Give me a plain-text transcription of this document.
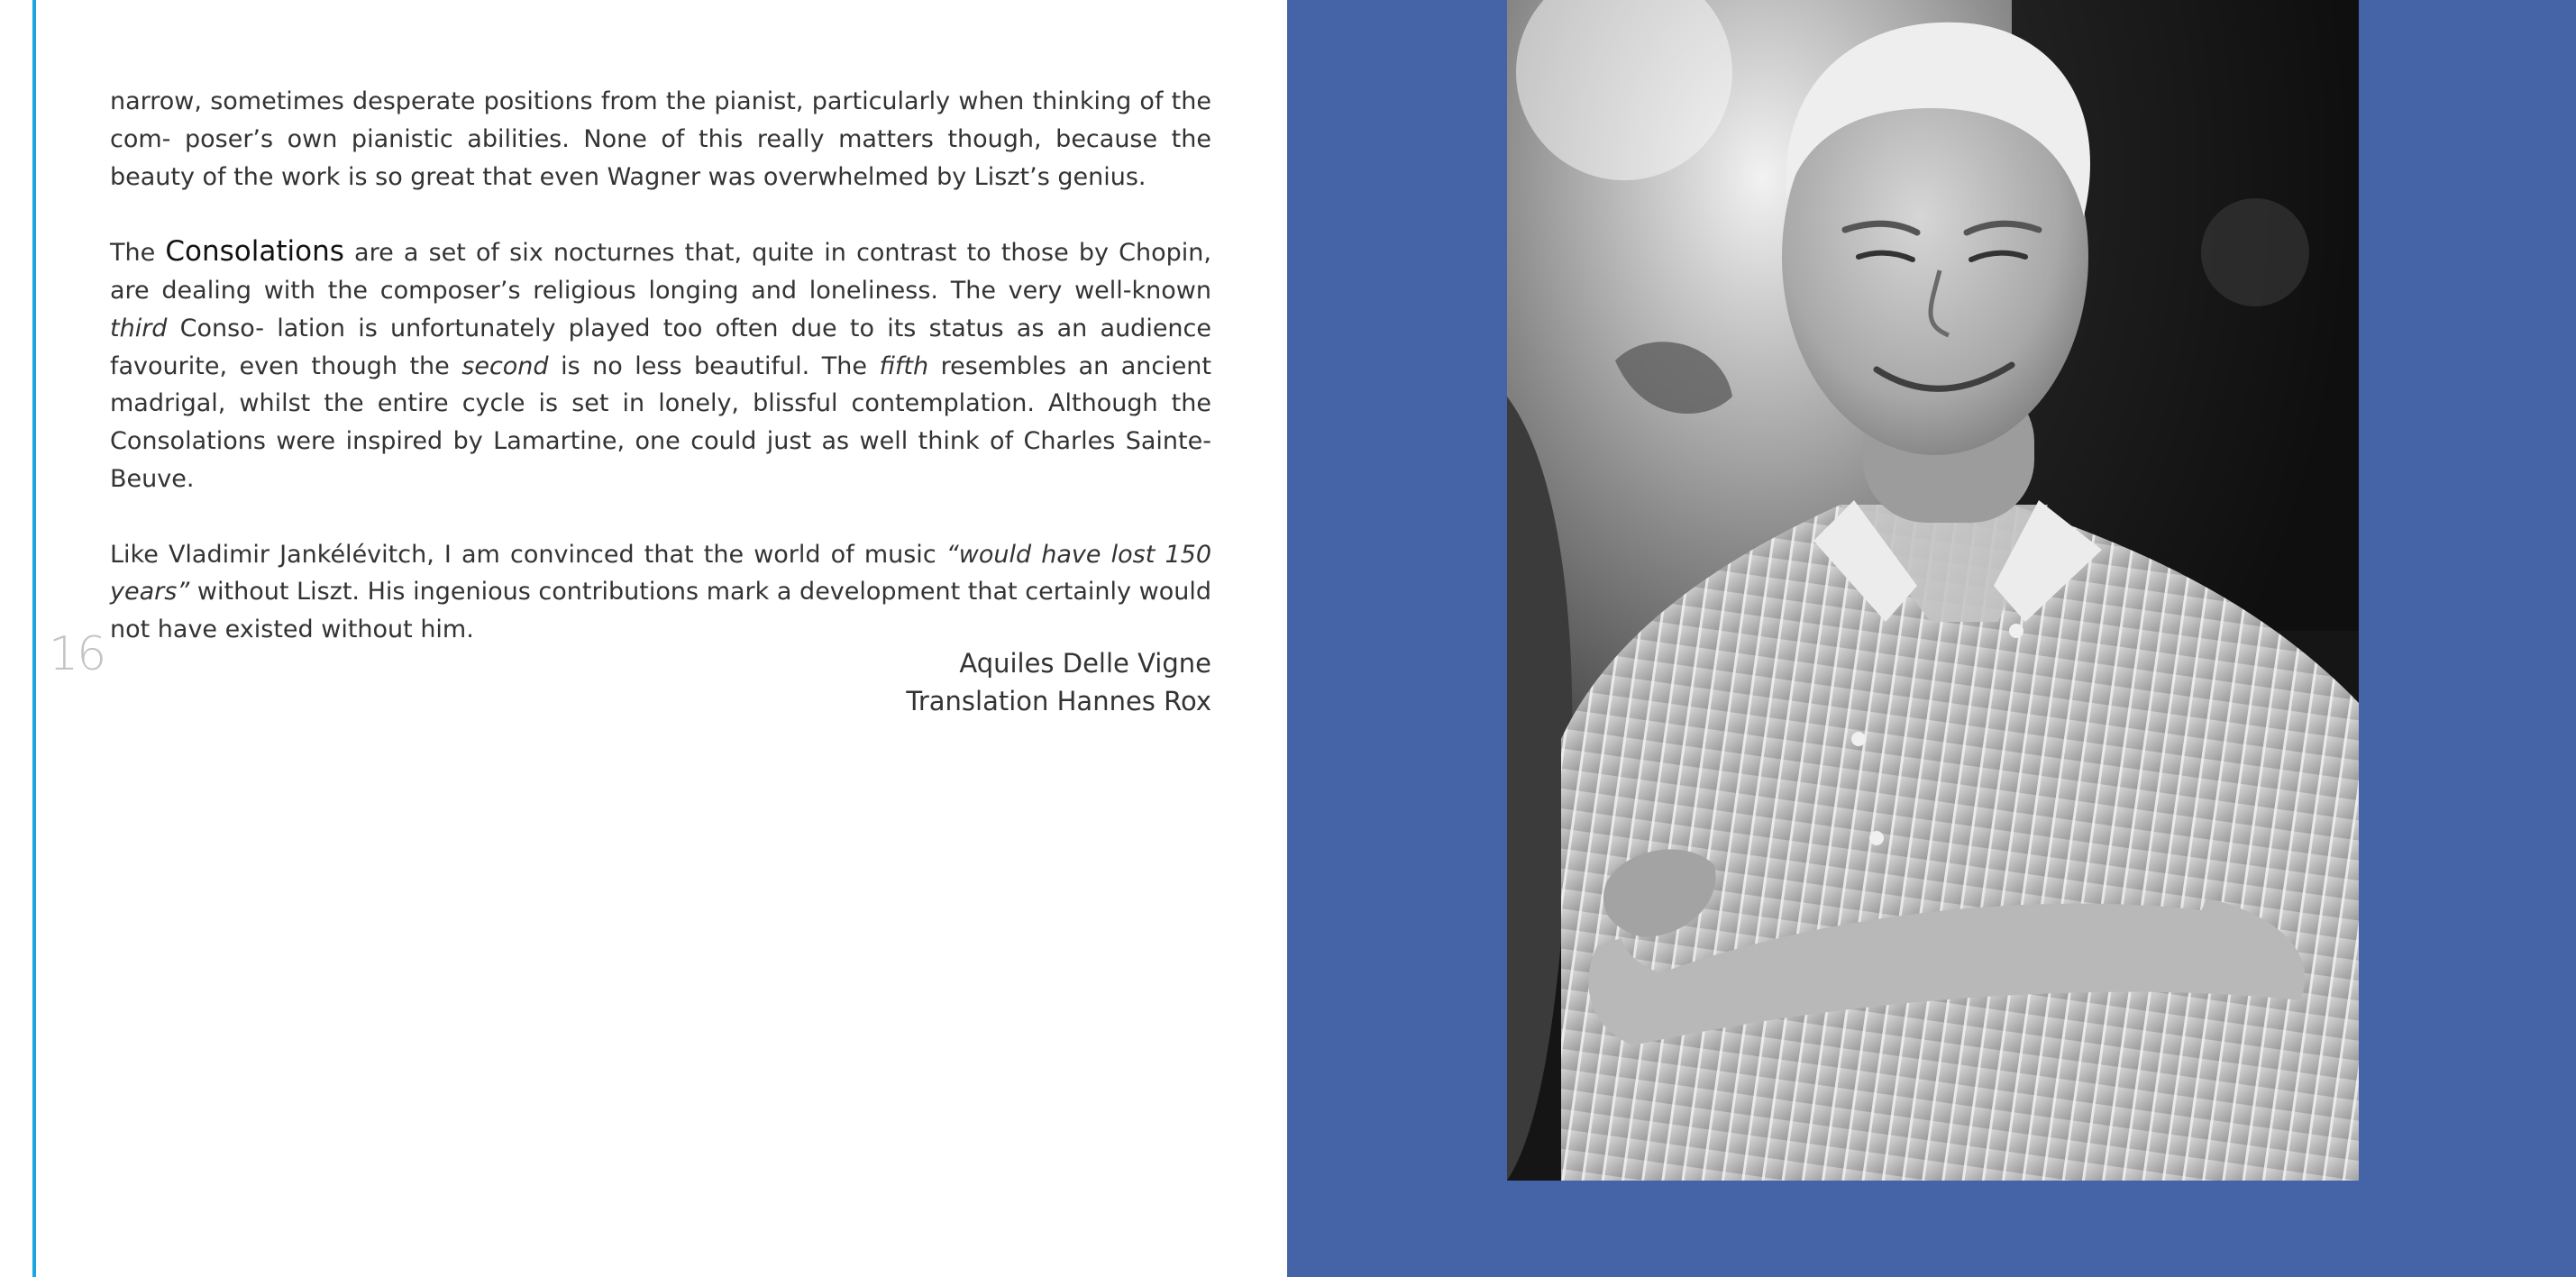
16

narrow, sometimes desperate positions from the pianist, particularly when thinking of the com- poser’s own pianistic abilities. None of this really matters though, because the beauty of the work is so great that even Wagner was overwhelmed by Liszt’s genius.

The Consolations are a set of six nocturnes that, quite in contrast to those by Chopin, are dealing with the composer’s religious longing and loneliness. The very well-known third Conso- lation is unfortunately played too often due to its status as an audience favourite, even though the second is no less beautiful. The fifth resembles an ancient madrigal, whilst the entire cycle is set in lonely, blissful contemplation. Although the Consolations were inspired by Lamartine, one could just as well think of Charles Sainte-Beuve.

Like Vladimir Jankélévitch, I am convinced that the world of music “would have lost 150 years” without Liszt. His ingenious contributions mark a development that certainly would not have existed without him.

Aquiles Delle Vigne
Translation Hannes Rox
